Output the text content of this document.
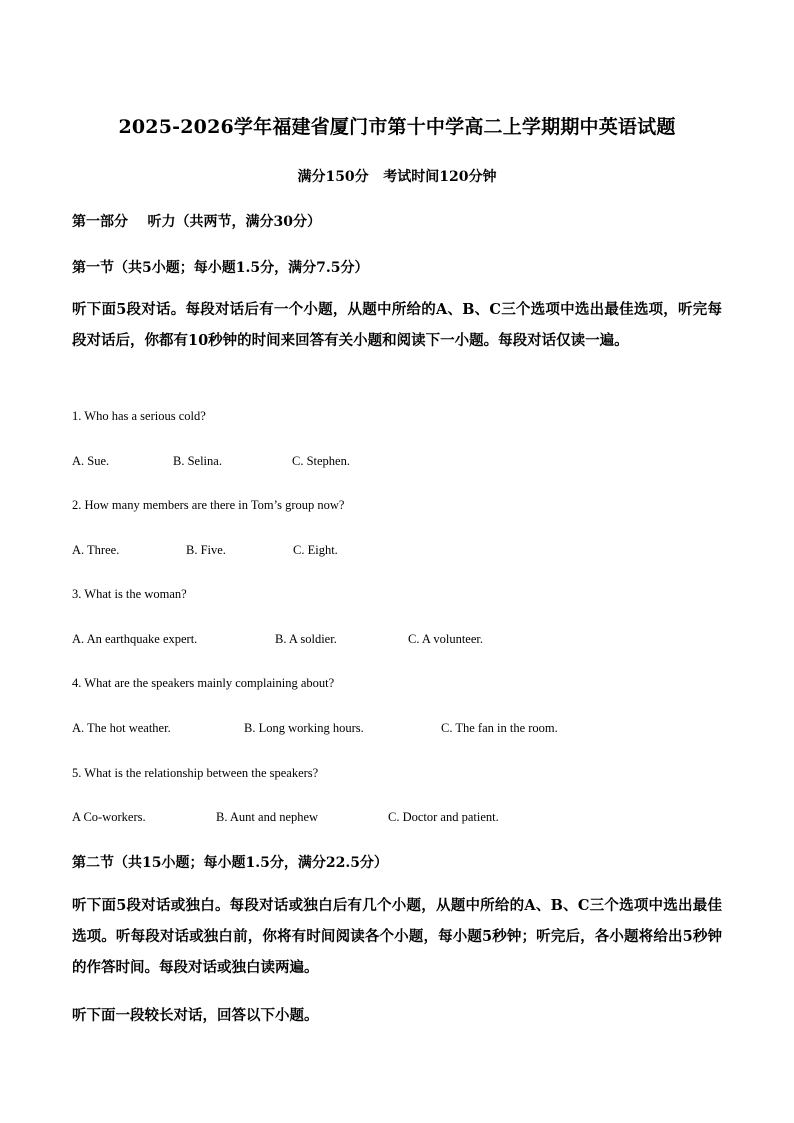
2025-2026学年福建省厦门市第十中学高二上学期期中英语试题
满分150分   考试时间120分钟
第一部分    听力（共两节，满分30分）
第一节（共5小题；每小题1.5分，满分7.5分）
听下面5段对话。每段对话后有一个小题，从题中所给的A、B、C三个选项中选出最佳选项，听完每段对话后，你都有10秒钟的时间来回答有关小题和阅读下一小题。每段对话仅读一遍。
1. Who has a serious cold?
A. Sue.	B. Selina.	C. Stephen.
2. How many members are there in Tom’s group now?
A. Three.	B. Five.	C. Eight.
3. What is the woman?
A. An earthquake expert.	B. A soldier.	C. A volunteer.
4. What are the speakers mainly complaining about?
A. The hot weather.	B. Long working hours.	C. The fan in the room.
5. What is the relationship between the speakers?
A Co-workers.	B. Aunt and nephew	C. Doctor and patient.
第二节（共15小题；每小题1.5分，满分22.5分）
听下面5段对话或独白。每段对话或独白后有几个小题，从题中所给的A、B、C三个选项中选出最佳选项。听每段对话或独白前，你将有时间阅读各个小题，每小题5秒钟；听完后，各小题将给出5秒钟的作答时间。每段对话或独白读两遍。
听下面一段较长对话，回答以下小题。
